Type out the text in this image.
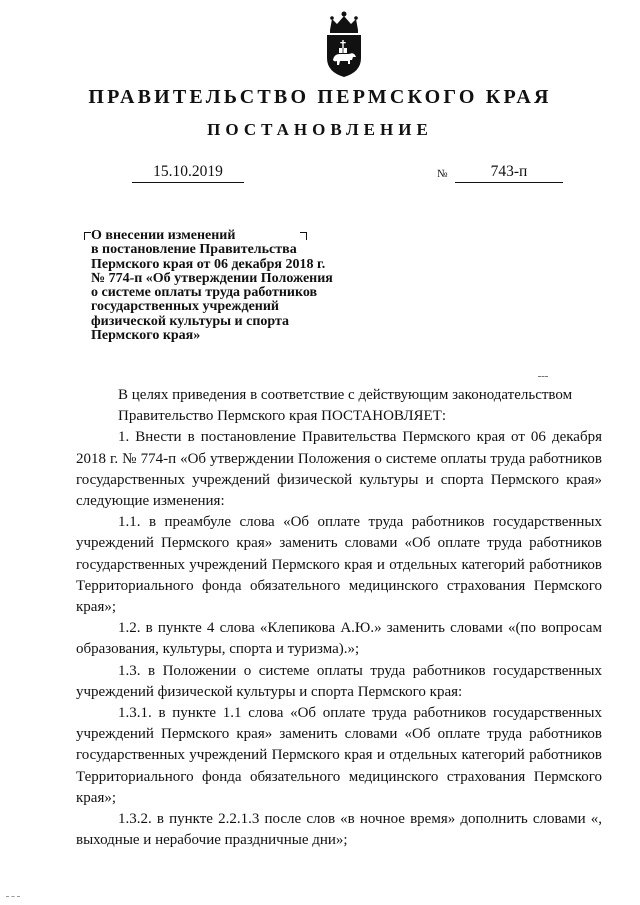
ПРАВИТЕЛЬСТВО ПЕРМСКОГО КРАЯ
ПОСТАНОВЛЕНИЕ
15.10.2019	№	743-п
О внесении изменений
в постановление Правительства
Пермского края от 06 декабря 2018 г.
№ 774-п «Об утверждении Положения
о системе оплаты труда работников
государственных учреждений
физической культуры и спорта
Пермского края»

В целях приведения в соответствие с действующим законодательством

Правительство Пермского края ПОСТАНОВЛЯЕТ:

1. Внести в постановление Правительства Пермского края от 06 декабря 2018 г. № 774-п «Об утверждении Положения о системе оплаты труда работников государственных учреждений физической культуры и спорта Пермского края» следующие изменения:

1.1. в преамбуле слова «Об оплате труда работников государственных учреждений Пермского края» заменить словами «Об оплате труда работников государственных учреждений Пермского края и отдельных категорий работников Территориального фонда обязательного медицинского страхования Пермского края»;

1.2. в пункте 4 слова «Клепикова А.Ю.» заменить словами «(по вопросам образования, культуры, спорта и туризма).»;

1.3. в Положении о системе оплаты труда работников государственных учреждений физической культуры и спорта Пермского края:

1.3.1. в пункте 1.1 слова «Об оплате труда работников государственных учреждений Пермского края» заменить словами «Об оплате труда работников государственных учреждений Пермского края и отдельных категорий работников Территориального фонда обязательного медицинского страхования Пермского края»;

1.3.2. в пункте 2.2.1.3 после слов «в ночное время» дополнить словами «, выходные и нерабочие праздничные дни»;
